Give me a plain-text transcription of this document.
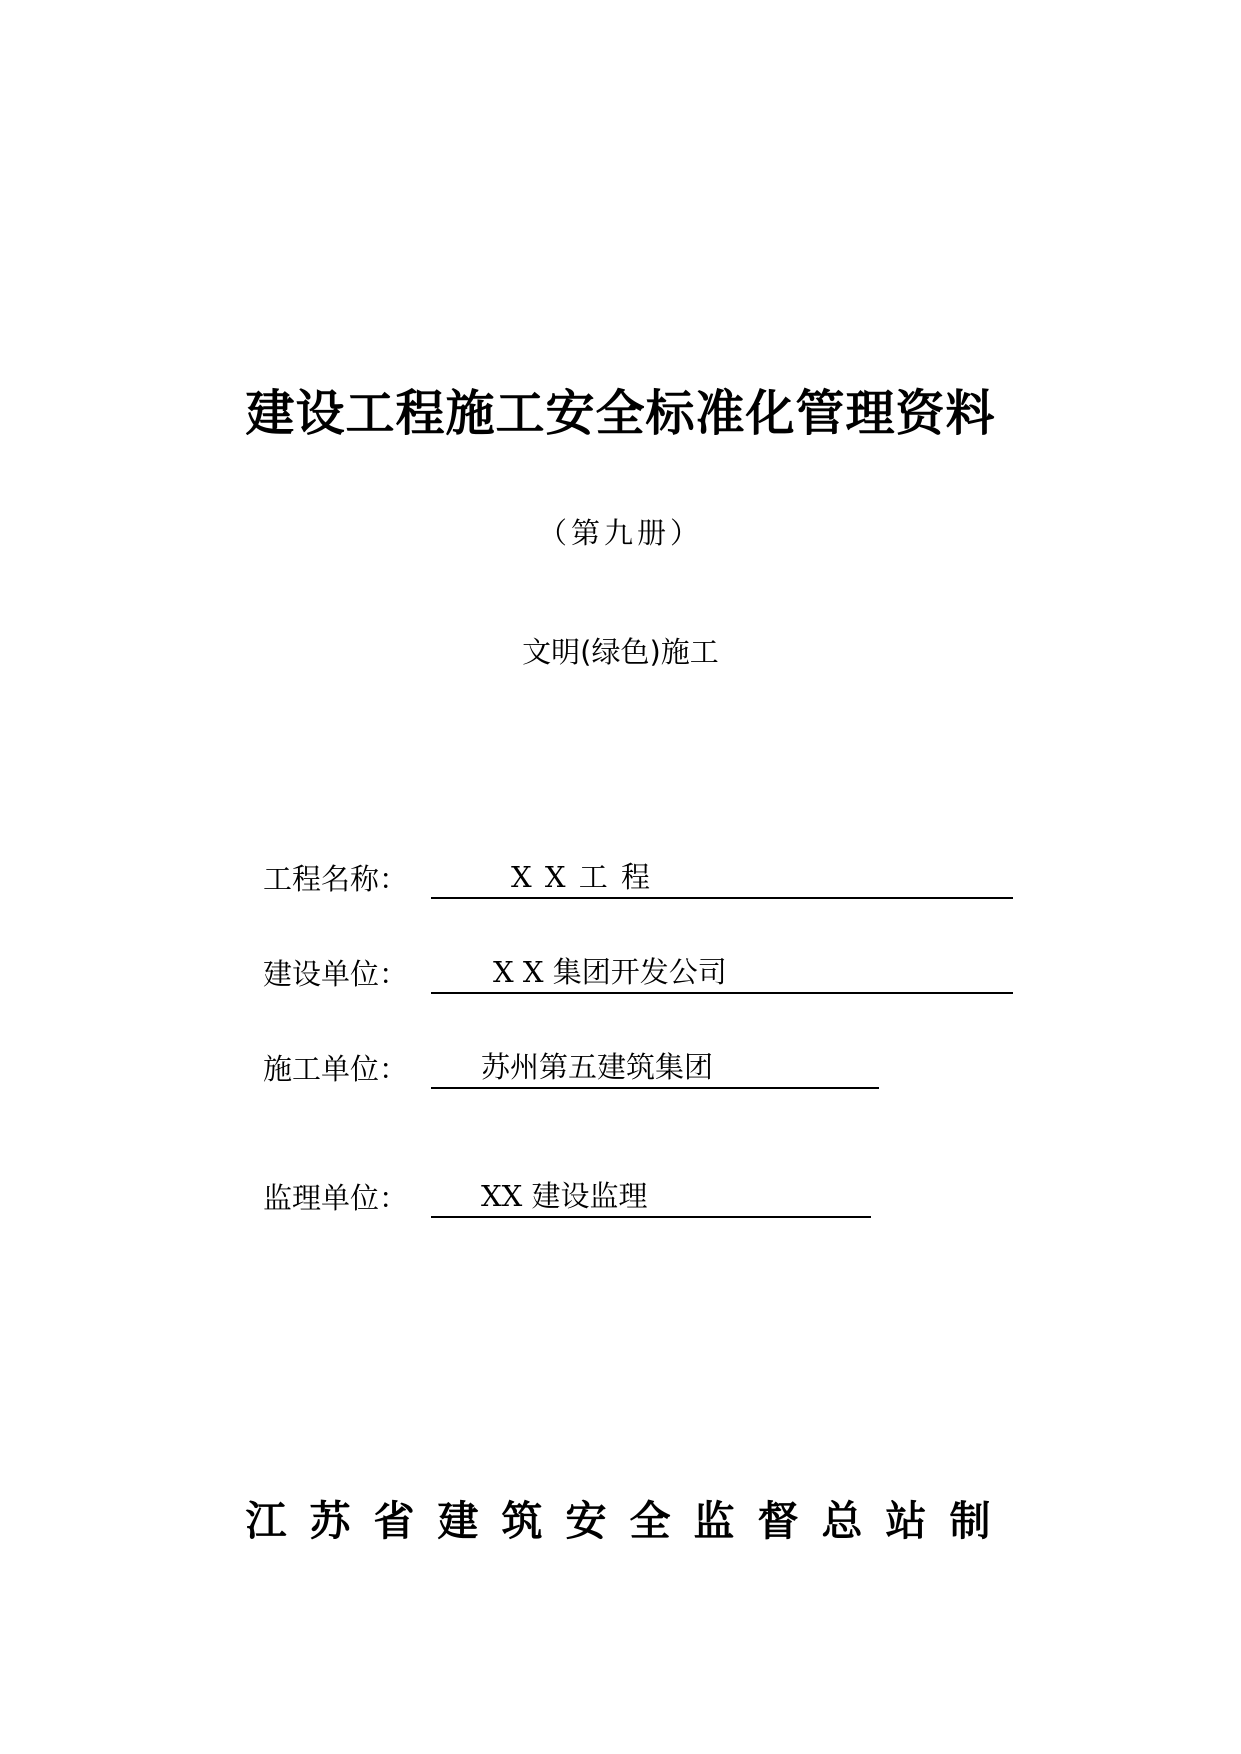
建设工程施工安全标准化管理资料
（第九册）
文明(绿色)施工
工程名称：	X X 工 程
建设单位：	X X 集团开发公司
施工单位：	苏州第五建筑集团
监理单位：	XX 建设监理
江苏省建筑安全监督总站制
